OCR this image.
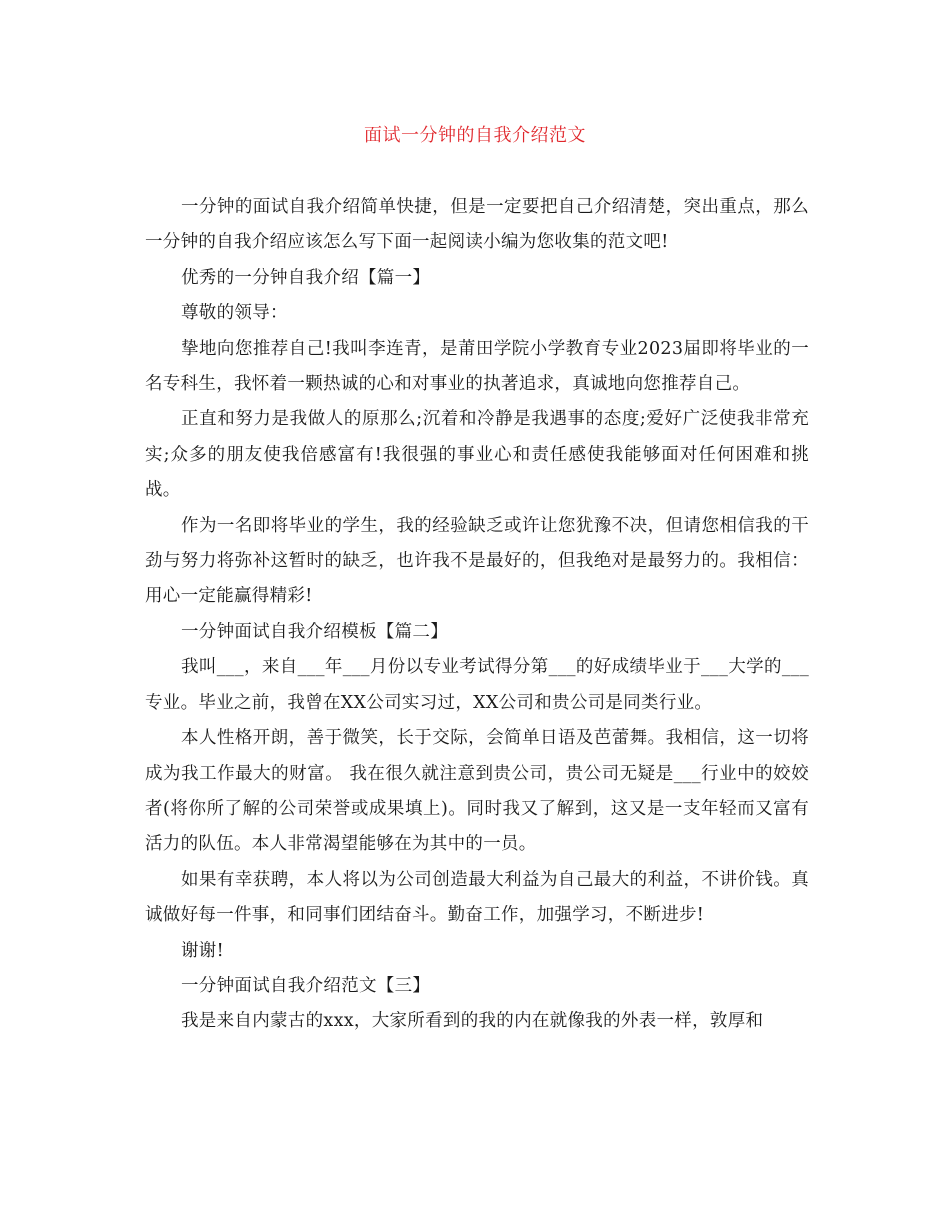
面试一分钟的自我介绍范文

一分钟的面试自我介绍简单快捷，但是一定要把自己介绍清楚，突出重点，那么一分钟的自我介绍应该怎么写下面一起阅读小编为您收集的范文吧!

优秀的一分钟自我介绍【篇一】

尊敬的领导：

挚地向您推荐自己!我叫李连青，是莆田学院小学教育专业2023届即将毕业的一名专科生，我怀着一颗热诚的心和对事业的执著追求，真诚地向您推荐自己。

正直和努力是我做人的原那么;沉着和冷静是我遇事的态度;爱好广泛使我非常充实;众多的朋友使我倍感富有!我很强的事业心和责任感使我能够面对任何困难和挑战。

作为一名即将毕业的学生，我的经验缺乏或许让您犹豫不决，但请您相信我的干劲与努力将弥补这暂时的缺乏，也许我不是最好的，但我绝对是最努力的。我相信：用心一定能赢得精彩!

一分钟面试自我介绍模板【篇二】

我叫___，来自___年___月份以专业考试得分第___的好成绩毕业于___大学的___专业。毕业之前，我曾在XX公司实习过，XX公司和贵公司是同类行业。

本人性格开朗，善于微笑，长于交际，会简单日语及芭蕾舞。我相信，这一切将成为我工作最大的财富。 我在很久就注意到贵公司，贵公司无疑是___行业中的姣姣者(将你所了解的公司荣誉或成果填上)。同时我又了解到，这又是一支年轻而又富有活力的队伍。本人非常渴望能够在为其中的一员。

如果有幸获聘，本人将以为公司创造最大利益为自己最大的利益，不讲价钱。真诚做好每一件事，和同事们团结奋斗。勤奋工作，加强学习，不断进步!

谢谢!

一分钟面试自我介绍范文【三】

我是来自内蒙古的xxx，大家所看到的我的内在就像我的外表一样，敦厚和
